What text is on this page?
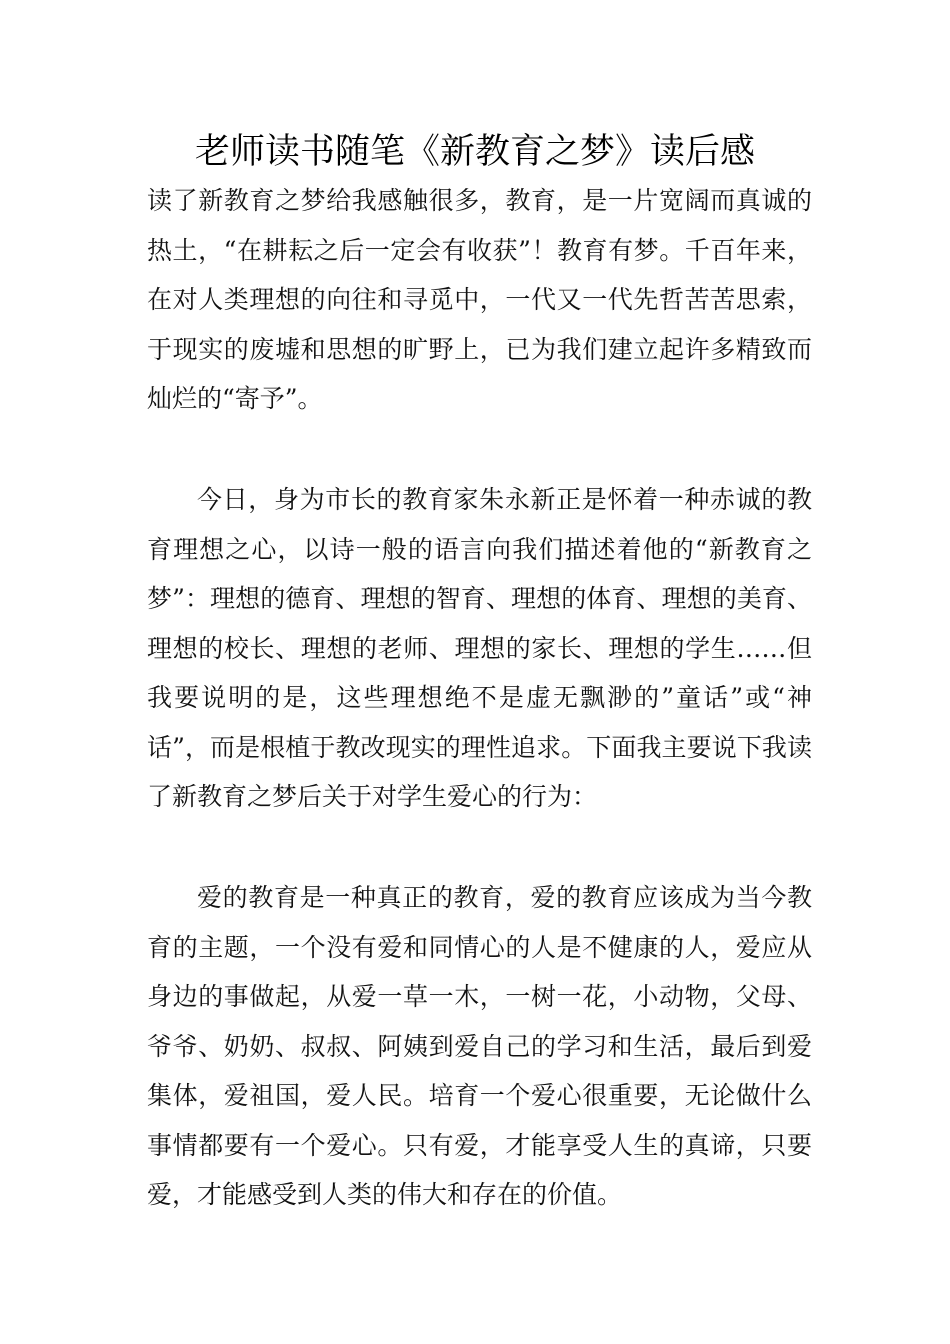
老师读书随笔《新教育之梦》读后感

读了新教育之梦给我感触很多，教育，是一片宽阔而真诚的热土，“在耕耘之后一定会有收获”！教育有梦。千百年来，在对人类理想的向往和寻觅中，一代又一代先哲苦苦思索，于现实的废墟和思想的旷野上，已为我们建立起许多精致而灿烂的“寄予”。

今日，身为市长的教育家朱永新正是怀着一种赤诚的教育理想之心，以诗一般的语言向我们描述着他的“新教育之梦”：理想的德育、理想的智育、理想的体育、理想的美育、理想的校长、理想的老师、理想的家长、理想的学生……但我要说明的是，这些理想绝不是虚无飘渺的”童话”或“神话”，而是根植于教改现实的理性追求。下面我主要说下我读了新教育之梦后关于对学生爱心的行为：

爱的教育是一种真正的教育，爱的教育应该成为当今教育的主题，一个没有爱和同情心的人是不健康的人，爱应从身边的事做起，从爱一草一木，一树一花，小动物，父母、爷爷、奶奶、叔叔、阿姨到爱自己的学习和生活，最后到爱集体，爱祖国，爱人民。培育一个爱心很重要，无论做什么事情都要有一个爱心。只有爱，才能享受人生的真谛，只要爱，才能感受到人类的伟大和存在的价值。
